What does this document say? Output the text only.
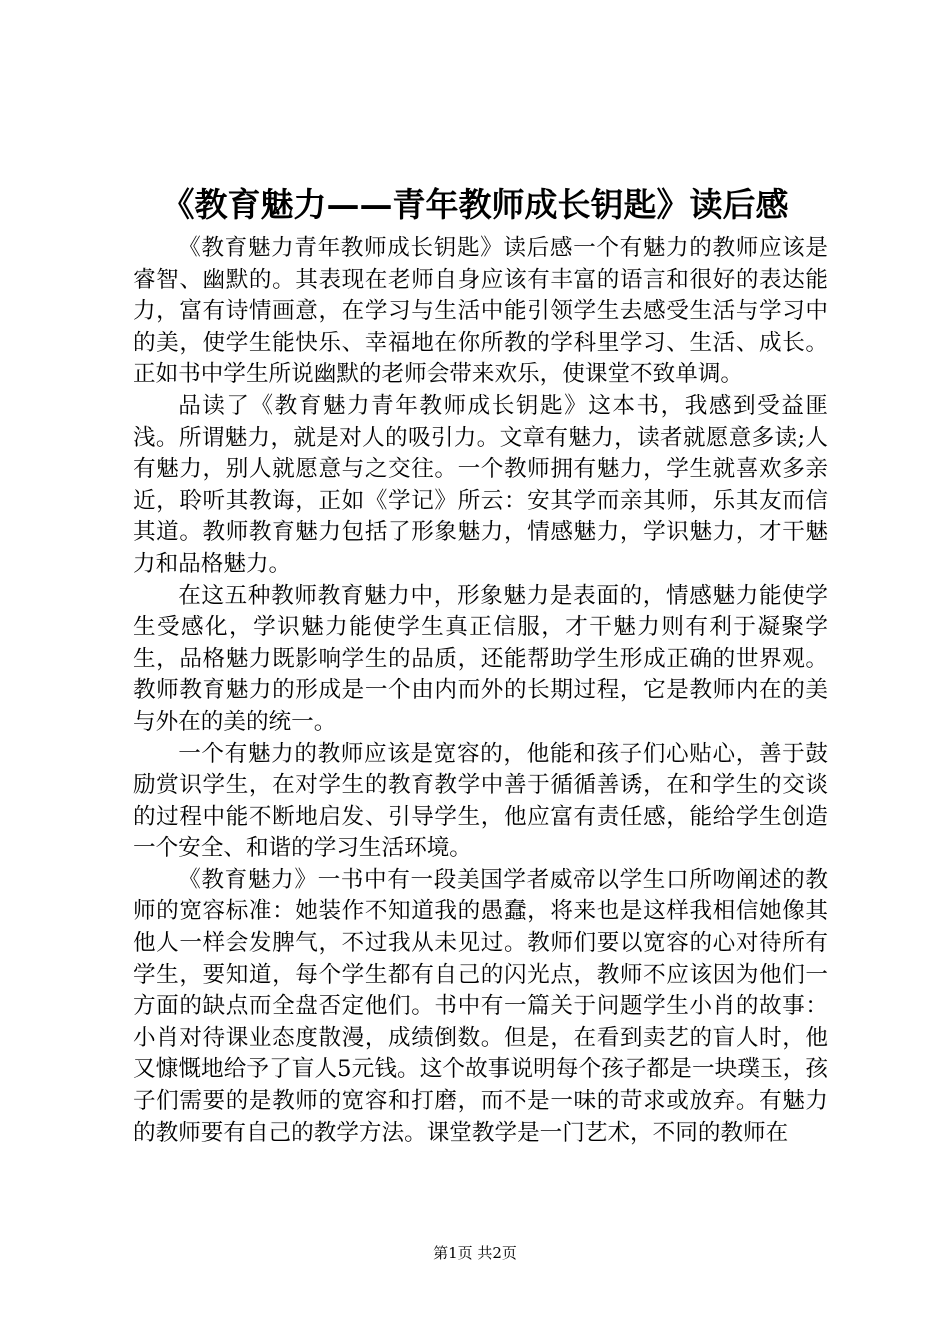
《教育魅力——青年教师成长钥匙》读后感

《教育魅力青年教师成长钥匙》读后感一个有魅力的教师应该是睿智、幽默的。其表现在老师自身应该有丰富的语言和很好的表达能力，富有诗情画意，在学习与生活中能引领学生去感受生活与学习中的美，使学生能快乐、幸福地在你所教的学科里学习、生活、成长。正如书中学生所说幽默的老师会带来欢乐，使课堂不致单调。

品读了《教育魅力青年教师成长钥匙》这本书，我感到受益匪浅。所谓魅力，就是对人的吸引力。文章有魅力，读者就愿意多读;人有魅力，别人就愿意与之交往。一个教师拥有魅力，学生就喜欢多亲近，聆听其教诲，正如《学记》所云：安其学而亲其师，乐其友而信其道。教师教育魅力包括了形象魅力，情感魅力，学识魅力，才干魅力和品格魅力。

在这五种教师教育魅力中，形象魅力是表面的，情感魅力能使学生受感化，学识魅力能使学生真正信服，才干魅力则有利于凝聚学生，品格魅力既影响学生的品质，还能帮助学生形成正确的世界观。教师教育魅力的形成是一个由内而外的长期过程，它是教师内在的美与外在的美的统一。

一个有魅力的教师应该是宽容的，他能和孩子们心贴心，善于鼓励赏识学生，在对学生的教育教学中善于循循善诱，在和学生的交谈的过程中能不断地启发、引导学生，他应富有责任感，能给学生创造一个安全、和谐的学习生活环境。

《教育魅力》一书中有一段美国学者威帝以学生口所吻阐述的教师的宽容标准：她装作不知道我的愚蠢，将来也是这样我相信她像其他人一样会发脾气，不过我从未见过。教师们要以宽容的心对待所有学生，要知道，每个学生都有自己的闪光点，教师不应该因为他们一方面的缺点而全盘否定他们。书中有一篇关于问题学生小肖的故事：小肖对待课业态度散漫，成绩倒数。但是，在看到卖艺的盲人时，他又慷慨地给予了盲人5元钱。这个故事说明每个孩子都是一块璞玉，孩子们需要的是教师的宽容和打磨，而不是一味的苛求或放弃。有魅力的教师要有自己的教学方法。课堂教学是一门艺术，不同的教师在

第1页 共2页
